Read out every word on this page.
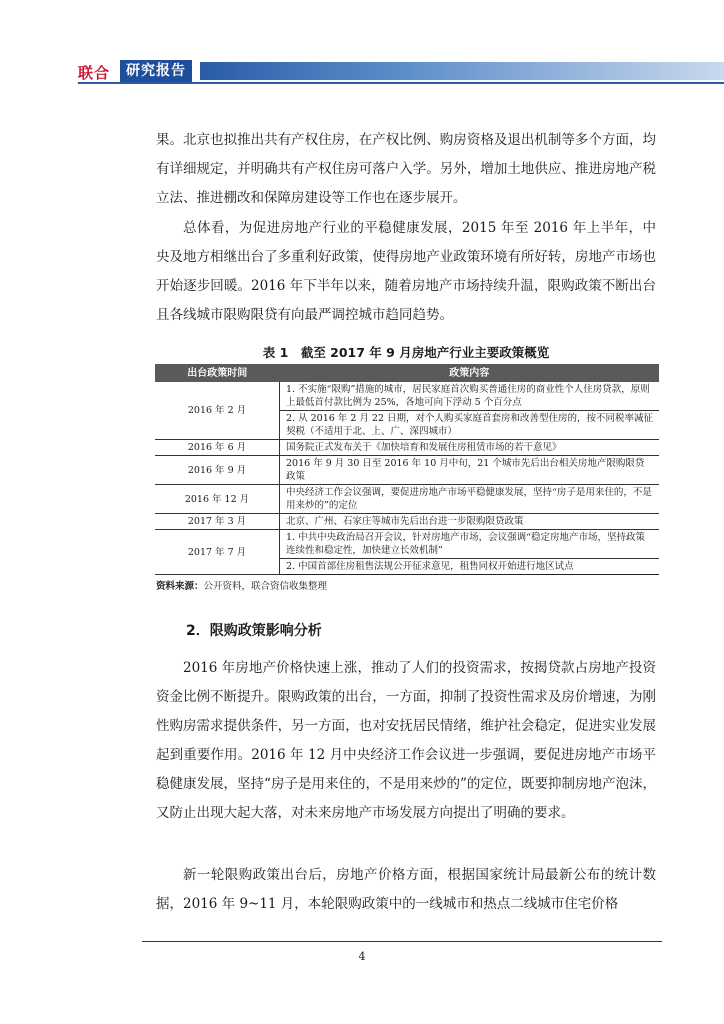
联合	研究报告

果。北京也拟推出共有产权住房，在产权比例、购房资格及退出机制等多个方面，均有详细规定，并明确共有产权住房可落户入学。另外，增加土地供应、推进房地产税立法、推进棚改和保障房建设等工作也在逐步展开。

总体看，为促进房地产行业的平稳健康发展，2015 年至 2016 年上半年，中央及地方相继出台了多重利好政策，使得房地产业政策环境有所好转，房地产市场也开始逐步回暖。2016 年下半年以来，随着房地产市场持续升温，限购政策不断出台且各线城市限购限贷有向最严调控城市趋同趋势。

表 1　截至 2017 年 9 月房地产行业主要政策概览
出台政策时间	政策内容
2016 年 2 月	1. 不实施“限购”措施的城市，居民家庭首次购买普通住房的商业性个人住房贷款，原则上最低首付款比例为 25%，各地可向下浮动 5 个百分点
	2. 从 2016 年 2 月 22 日期，对个人购买家庭首套房和改善型住房的，按不同税率减征契税（不适用于北、上、广、深四城市）
2016 年 6 月	国务院正式发布关于《加快培育和发展住房租赁市场的若干意见》
2016 年 9 月	2016 年 9 月 30 日至 2016 年 10 月中旬，21 个城市先后出台相关房地产限购限贷政策
2016 年 12 月	中央经济工作会议强调，要促进房地产市场平稳健康发展，坚持“房子是用来住的，不是用来炒的”的定位
2017 年 3 月	北京、广州、石家庄等城市先后出台进一步限购限贷政策
2017 年 7 月	1. 中共中央政治局召开会议，针对房地产市场，会议强调“稳定房地产市场，坚持政策连续性和稳定性，加快建立长效机制”
	2. 中国首部住房租售法规公开征求意见，租售同权开始进行地区试点
资料来源：公开资料，联合资信收集整理
2．限购政策影响分析

2016 年房地产价格快速上涨，推动了人们的投资需求，按揭贷款占房地产投资资金比例不断提升。限购政策的出台，一方面，抑制了投资性需求及房价增速，为刚性购房需求提供条件，另一方面，也对安抚居民情绪，维护社会稳定，促进实业发展起到重要作用。2016 年 12 月中央经济工作会议进一步强调，要促进房地产市场平稳健康发展，坚持“房子是用来住的，不是用来炒的”的定位，既要抑制房地产泡沫，又防止出现大起大落，对未来房地产市场发展方向提出了明确的要求。

新一轮限购政策出台后，房地产价格方面，根据国家统计局最新公布的统计数据，2016 年 9~11 月，本轮限购政策中的一线城市和热点二线城市住宅价格

4
